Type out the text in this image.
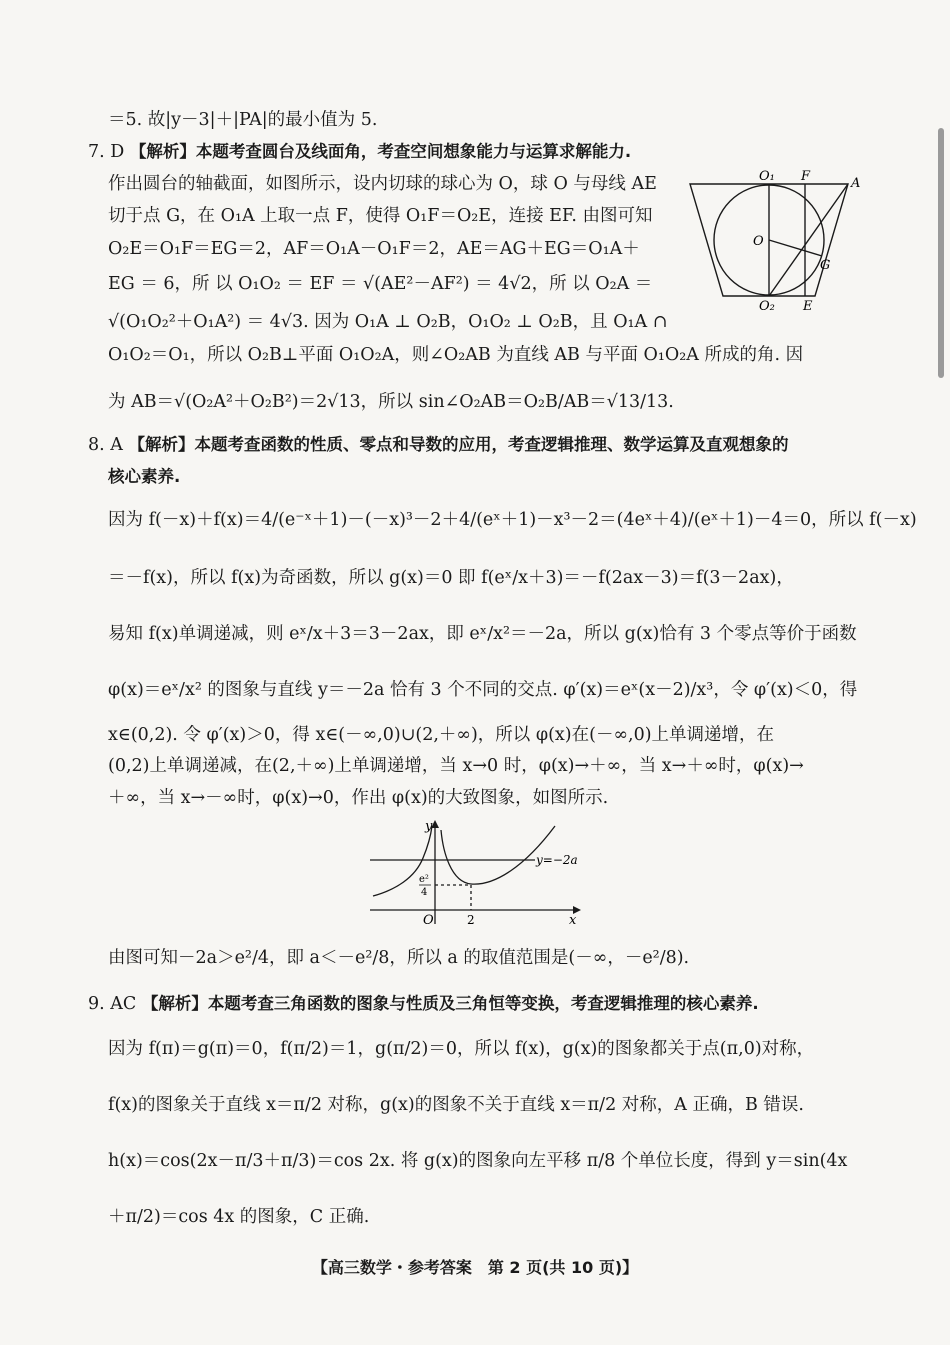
＝5. 故|y－3|＋|PA|的最小值为 5.
7. D 【解析】本题考查圆台及线面角，考查空间想象能力与运算求解能力.
作出圆台的轴截面，如图所示，设内切球的球心为 O，球 O 与母线 AE
切于点 G，在 O₁A 上取一点 F，使得 O₁F＝O₂E，连接 EF. 由图可知
O₂E＝O₁F＝EG＝2，AF＝O₁A－O₁F＝2，AE＝AG＋EG＝O₁A＋
EG ＝ 6，所 以 O₁O₂ ＝ EF ＝ √(AE²－AF²) ＝ 4√2，所 以 O₂A ＝
√(O₁O₂²＋O₁A²) ＝ 4√3. 因为 O₁A ⊥ O₂B，O₁O₂ ⊥ O₂B，且 O₁A ∩
O₁O₂＝O₁，所以 O₂B⊥平面 O₁O₂A，则∠O₂AB 为直线 AB 与平面 O₁O₂A 所成的角. 因
为 AB＝√(O₂A²＋O₂B²)＝2√13，所以 sin∠O₂AB＝O₂B/AB＝√13/13.
8. A 【解析】本题考查函数的性质、零点和导数的应用，考查逻辑推理、数学运算及直观想象的
核心素养.
因为 f(－x)＋f(x)＝4/(e⁻ˣ＋1)－(－x)³－2＋4/(eˣ＋1)－x³－2＝(4eˣ＋4)/(eˣ＋1)－4＝0，所以 f(－x)
＝－f(x)，所以 f(x)为奇函数，所以 g(x)＝0 即 f(eˣ/x＋3)＝－f(2ax－3)＝f(3－2ax)，
易知 f(x)单调递减，则 eˣ/x＋3＝3－2ax，即 eˣ/x²＝－2a，所以 g(x)恰有 3 个零点等价于函数
φ(x)＝eˣ/x² 的图象与直线 y＝－2a 恰有 3 个不同的交点. φ′(x)＝eˣ(x－2)/x³，令 φ′(x)＜0，得
x∈(0,2). 令 φ′(x)＞0，得 x∈(－∞,0)∪(2,＋∞)，所以 φ(x)在(－∞,0)上单调递增，在
(0,2)上单调递减，在(2,＋∞)上单调递增，当 x→0 时，φ(x)→＋∞，当 x→＋∞时，φ(x)→
＋∞，当 x→－∞时，φ(x)→0，作出 φ(x)的大致图象，如图所示.
由图可知－2a＞e²/4，即 a＜－e²/8，所以 a 的取值范围是(－∞，－e²/8).
9. AC 【解析】本题考查三角函数的图象与性质及三角恒等变换，考查逻辑推理的核心素养.
因为 f(π)＝g(π)＝0，f(π/2)＝1，g(π/2)＝0，所以 f(x)，g(x)的图象都关于点(π,0)对称，
f(x)的图象关于直线 x＝π/2 对称，g(x)的图象不关于直线 x＝π/2 对称，A 正确，B 错误.
h(x)＝cos(2x－π/3＋π/3)＝cos 2x. 将 g(x)的图象向左平移 π/8 个单位长度，得到 y＝sin(4x
＋π/2)＝cos 4x 的图象，C 正确.
O₁ F	A
O
G
O₂ E
y
x
O	2
y=−2a
e²
4
【高三数学・参考答案　第 2 页(共 10 页)】
